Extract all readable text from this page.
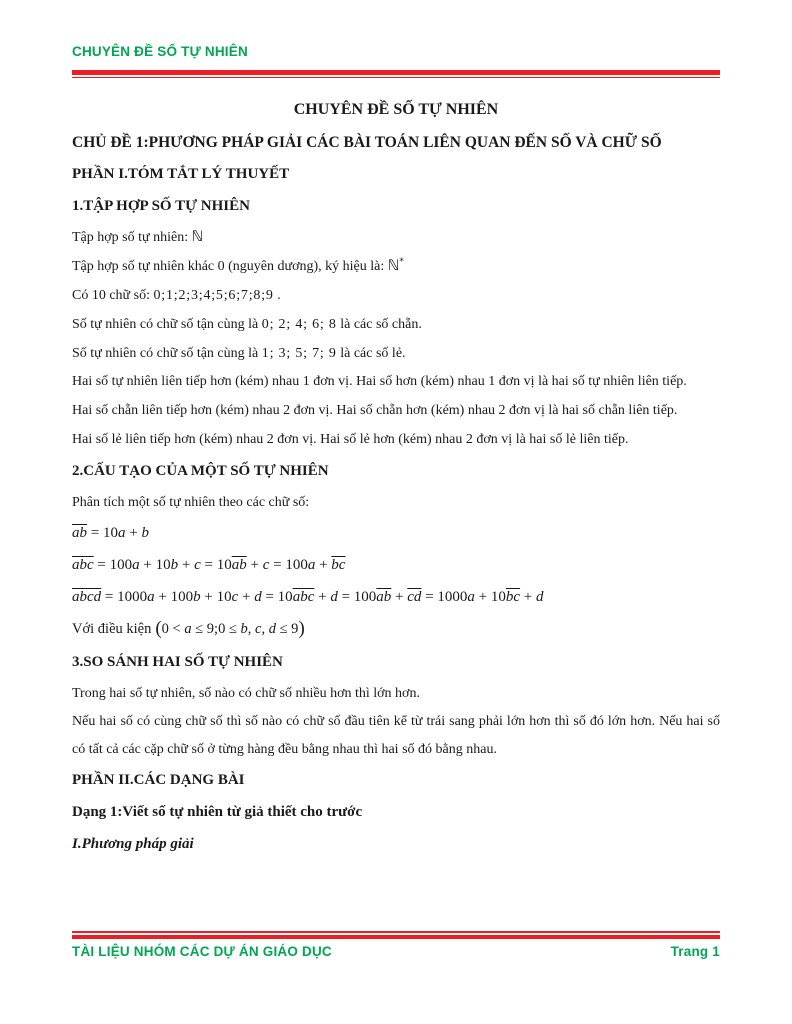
CHUYÊN ĐỀ SỐ TỰ NHIÊN
CHUYÊN ĐỀ SỐ TỰ NHIÊN
CHỦ ĐỀ 1:PHƯƠNG PHÁP GIẢI CÁC BÀI TOÁN LIÊN QUAN ĐẾN SỐ VÀ CHỮ SỐ
PHẦN I.TÓM TẮT LÝ THUYẾT
1.TẬP HỢP SỐ TỰ NHIÊN
Tập hợp số tự nhiên: ℕ
Tập hợp số tự nhiên khác 0 (nguyên dương), ký hiệu là: ℕ*
Có 10 chữ số: 0;1;2;3;4;5;6;7;8;9 .
Số tự nhiên có chữ số tận cùng là 0; 2; 4; 6; 8 là các số chẵn.
Số tự nhiên có chữ số tận cùng là 1; 3; 5; 7; 9 là các số lẻ.
Hai số tự nhiên liên tiếp hơn (kém) nhau 1 đơn vị. Hai số hơn (kém) nhau 1 đơn vị là hai số tự nhiên liên tiếp.
Hai số chẵn liên tiếp hơn (kém) nhau 2 đơn vị. Hai số chẵn hơn (kém) nhau 2 đơn vị là hai số chẵn liên tiếp.
Hai số lẻ liên tiếp hơn (kém) nhau 2 đơn vị. Hai số lẻ hơn (kém) nhau 2 đơn vị là hai số lẻ liên tiếp.
2.CẤU TẠO CỦA MỘT SỐ TỰ NHIÊN
Phân tích một số tự nhiên theo các chữ số:
$\overline{ab} = 10a + b$
$\overline{abc} = 100a + 10b + c = 10\overline{ab} + c = 100a + \overline{bc}$
abcd = $1000a + 100b + 10c + d = 10\overline{abc} + d = 100\overline{ab} + \overline{cd} = 1000a + 10\overline{bc} + d$
Với điều kiện (0 < a ≤ 9;0 ≤ b, c, d ≤ 9)
3.SO SÁNH HAI SỐ TỰ NHIÊN
Trong hai số tự nhiên, số nào có chữ số nhiều hơn thì lớn hơn.
Nếu hai số có cùng chữ số thì số nào có chữ số đầu tiên kể từ trái sang phải lớn hơn thì số đó lớn hơn. Nếu hai số có tất cả các cặp chữ số ở từng hàng đều bằng nhau thì hai số đó bằng nhau.
PHẦN II.CÁC DẠNG BÀI
Dạng 1:Viết số tự nhiên từ giả thiết cho trước
I.Phương pháp giải
TÀI LIỆU NHÓM CÁC DỰ ÁN GIÁO DỤC	Trang 1
